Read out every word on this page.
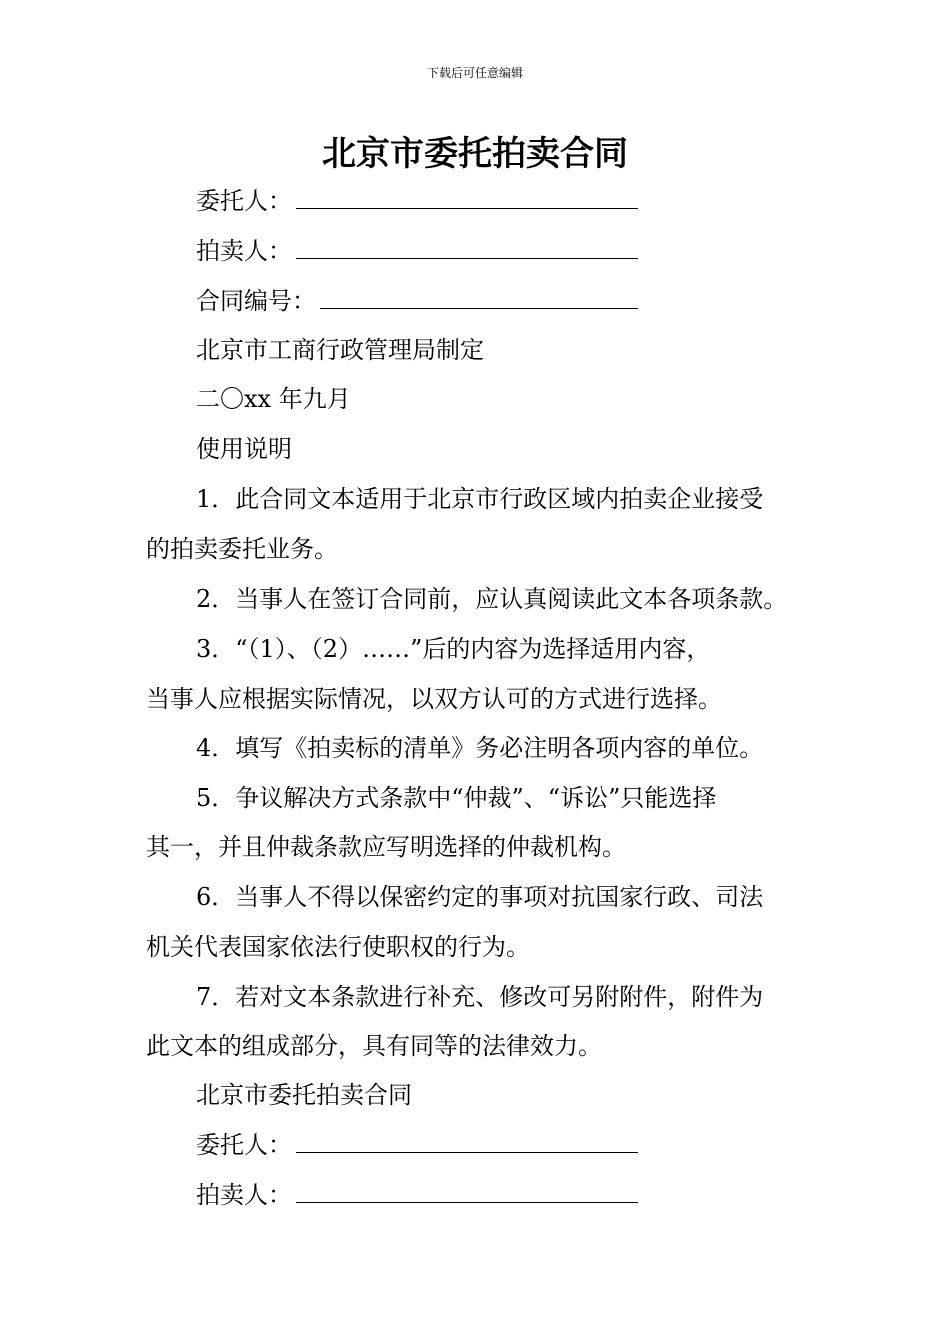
下载后可任意编辑
北京市委托拍卖合同
委托人：
拍卖人：
合同编号：
北京市工商行政管理局制定
二〇xx 年九月
使用说明
1．此合同文本适用于北京市行政区域内拍卖企业接受
的拍卖委托业务。
2．当事人在签订合同前，应认真阅读此文本各项条款。
3．“（1）、（2）……”后的内容为选择适用内容，
当事人应根据实际情况，以双方认可的方式进行选择。
4．填写《拍卖标的清单》务必注明各项内容的单位。
5．争议解决方式条款中“仲裁”、“诉讼”只能选择
其一，并且仲裁条款应写明选择的仲裁机构。
6．当事人不得以保密约定的事项对抗国家行政、司法
机关代表国家依法行使职权的行为。
7．若对文本条款进行补充、修改可另附附件，附件为
此文本的组成部分，具有同等的法律效力。
北京市委托拍卖合同
委托人：
拍卖人：
